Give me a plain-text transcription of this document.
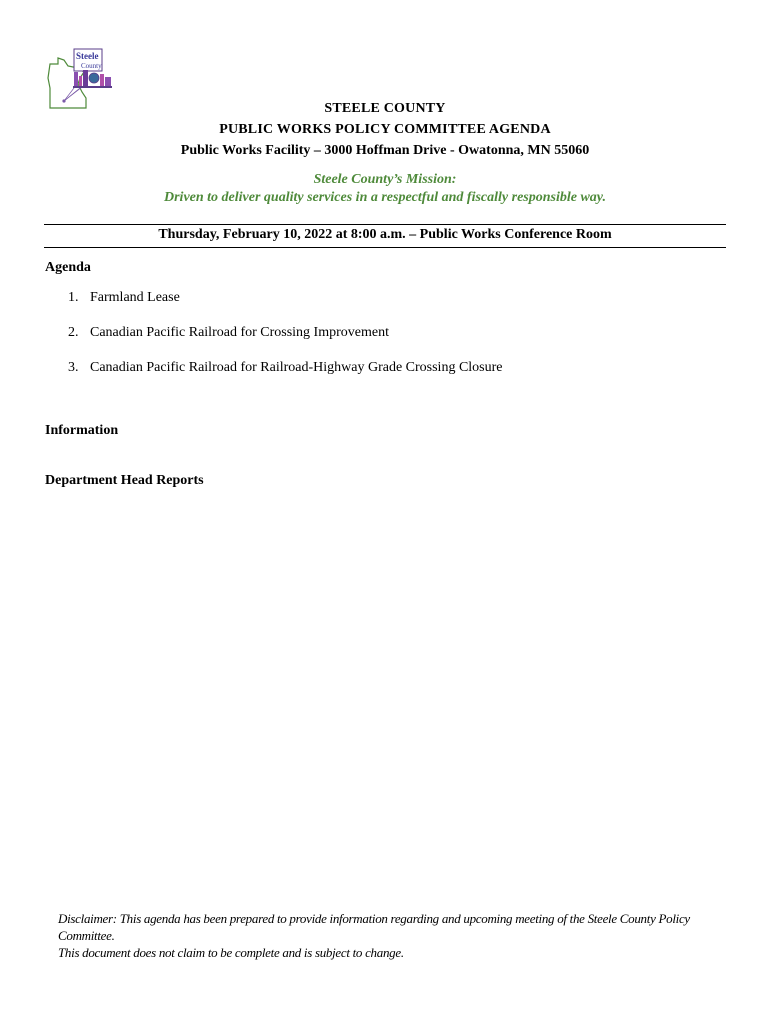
Steele
County
STEELE COUNTY
PUBLIC WORKS POLICY COMMITTEE AGENDA
Public Works Facility – 3000 Hoffman Drive - Owatonna, MN 55060
Steele County’s Mission:
Driven to deliver quality services in a respectful and fiscally responsible way.
Thursday, February 10, 2022 at 8:00 a.m. – Public Works Conference Room
Agenda
1. Farmland Lease
2. Canadian Pacific Railroad for Crossing Improvement
3. Canadian Pacific Railroad for Railroad-Highway Grade Crossing Closure
Information
Department Head Reports
Disclaimer: This agenda has been prepared to provide information regarding and upcoming meeting of the Steele County Policy Committee.
This document does not claim to be complete and is subject to change.
